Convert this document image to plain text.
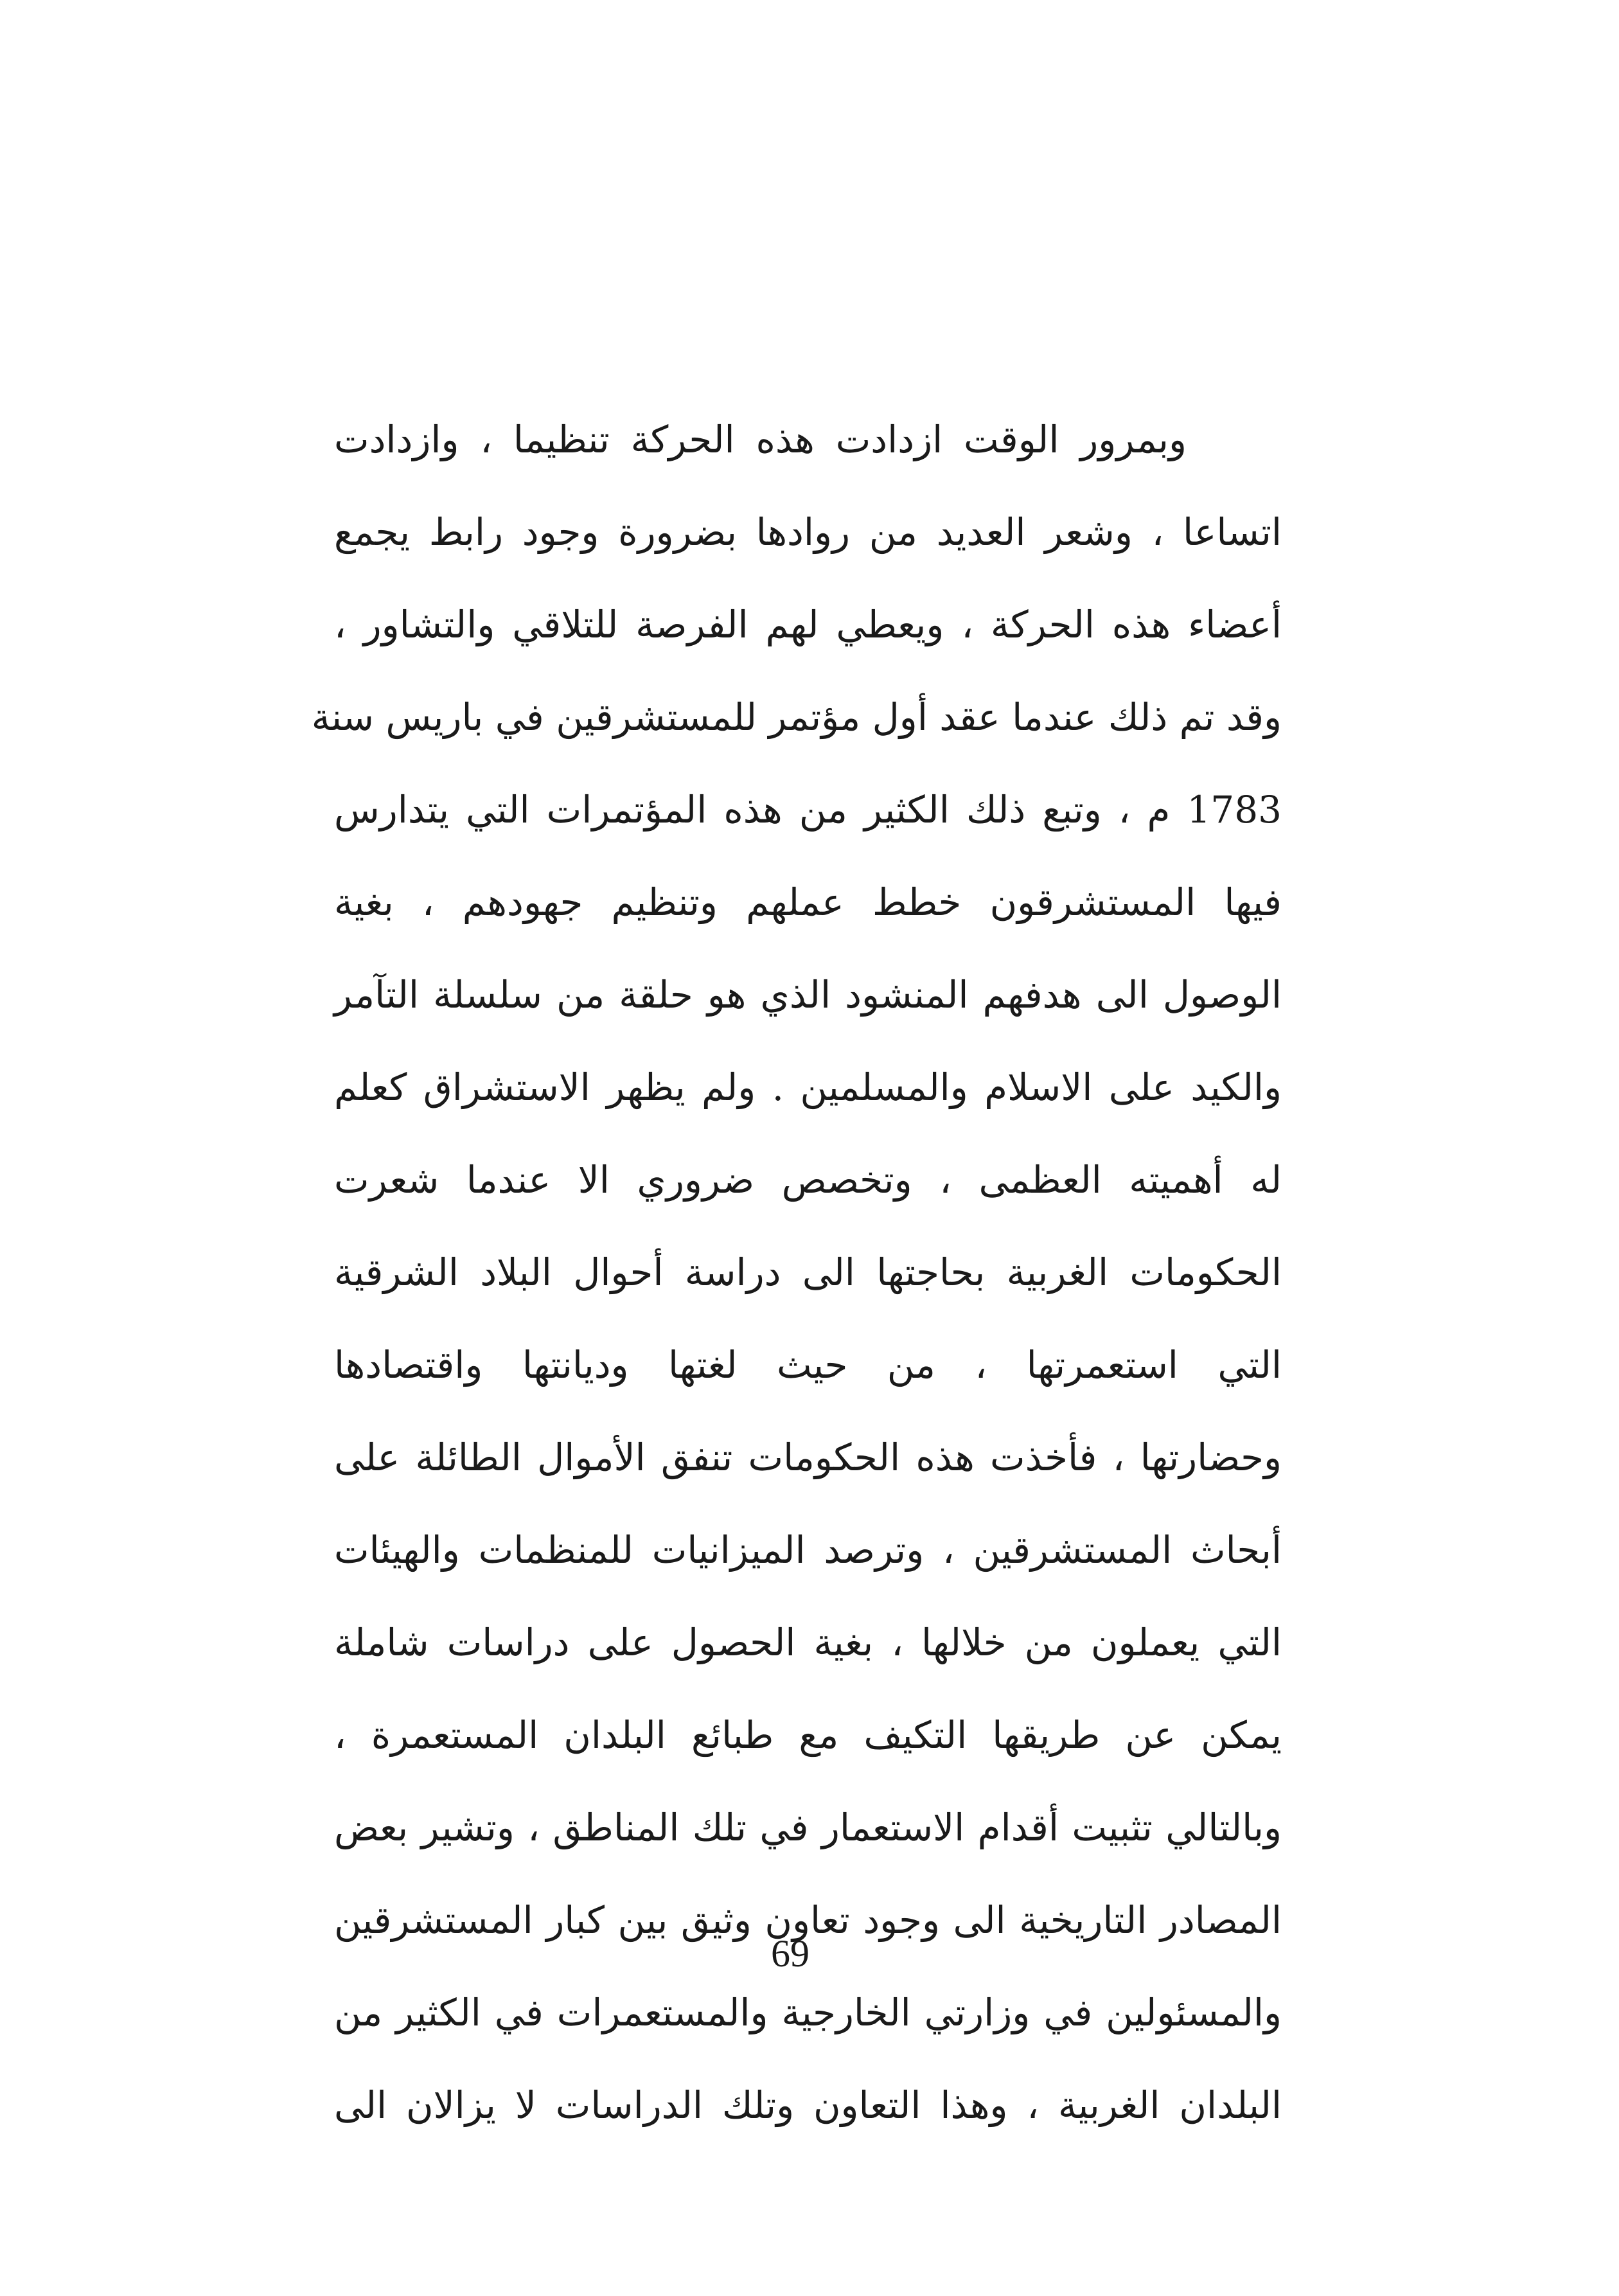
وبمرور الوقت ازدادت هذه الحركة تنظيما ، وازدادت
اتساعا ، وشعر العديد من روادها بضرورة وجود رابط يجمع
أعضاء هذه الحركة ، ويعطي لهم الفرصة للتلاقي والتشاور ،
وقد تم ذلك عندما عقد أول مؤتمر للمستشرقين في باريس سنة
1783 م ، وتبع ذلك الكثير من هذه المؤتمرات التي يتدارس
فيها المستشرقون خطط عملهم وتنظيم جهودهم ، بغية
الوصول الى هدفهم المنشود الذي هو حلقة من سلسلة التآمر
والكيد على الاسلام والمسلمين . ولم يظهر الاستشراق كعلم
له أهميته العظمى ، وتخصص ضروري الا عندما شعرت
الحكومات الغربية بحاجتها الى دراسة أحوال البلاد الشرقية
التي استعمرتها ، من حيث لغتها وديانتها واقتصادها
وحضارتها ، فأخذت هذه الحكومات تنفق الأموال الطائلة على
أبحاث المستشرقين ، وترصد الميزانيات للمنظمات والهيئات
التي يعملون من خلالها ، بغية الحصول على دراسات شاملة
يمكن عن طريقها التكيف مع طبائع البلدان المستعمرة ،
وبالتالي تثبيت أقدام الاستعمار في تلك المناطق ، وتشير بعض
المصادر التاريخية الى وجود تعاون وثيق بين كبار المستشرقين
والمسئولين في وزارتي الخارجية والمستعمرات في الكثير من
البلدان الغربية ، وهذا التعاون وتلك الدراسات لا يزالان الى
69
